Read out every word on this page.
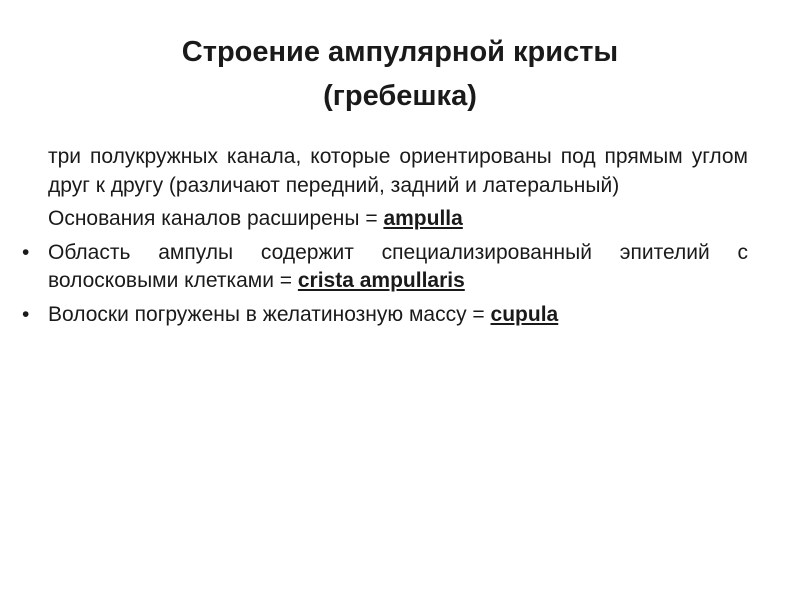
Строение ампулярной кристы
(гребешка)

три полукружных канала, которые ориентированы под прямым углом друг к другу (различают передний, задний и латеральный)

Основания каналов расширены = ampulla

• Область ампулы содержит специализированный эпителий с волосковыми клетками = crista ampullaris

• Волоски погружены в желатинозную массу = cupula
